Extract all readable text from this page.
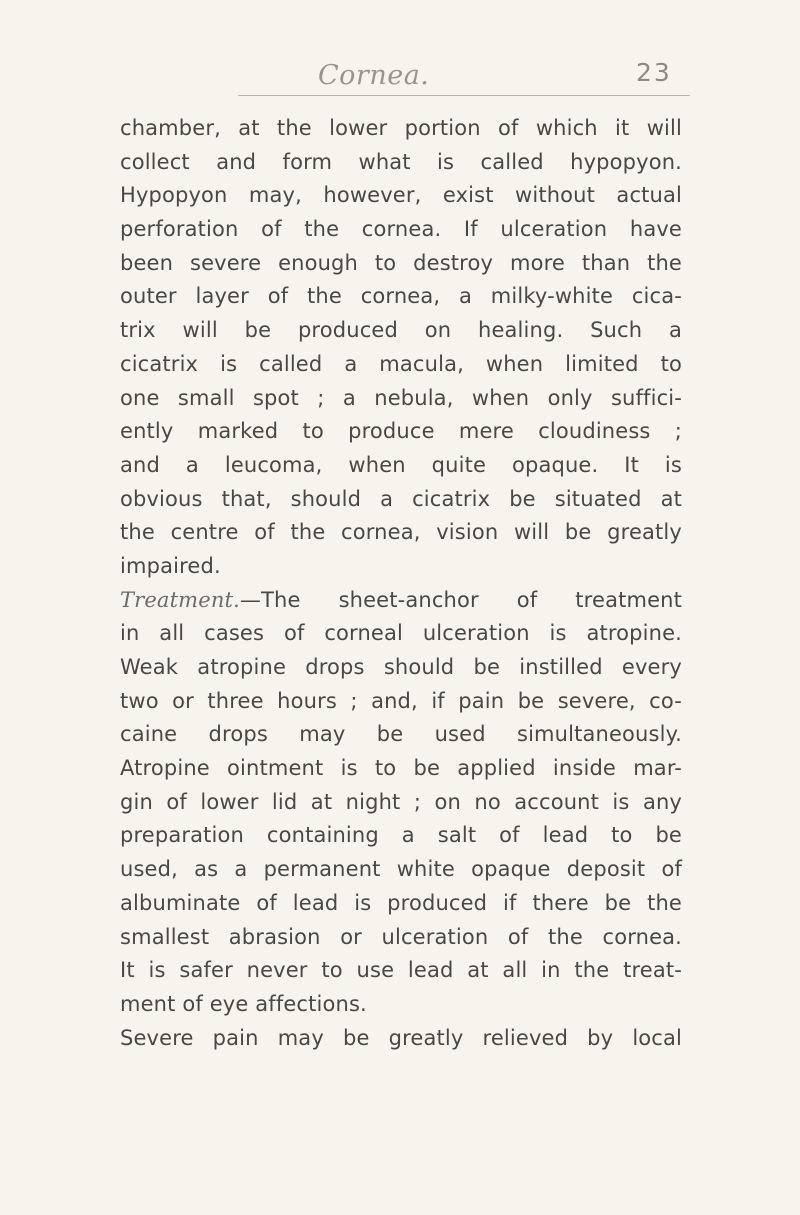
Cornea.	23
chamber, at the lower portion of which it will
collect and form what is called hypopyon.
Hypopyon may, however, exist without actual
perforation of the cornea. If ulceration have
been severe enough to destroy more than the
outer layer of the cornea, a milky-white cica-
trix will be produced on healing. Such a
cicatrix is called a macula, when limited to
one small spot ; a nebula, when only suffici-
ently marked to produce mere cloudiness ;
and a leucoma, when quite opaque. It is
obvious that, should a cicatrix be situated at
the centre of the cornea, vision will be greatly
impaired.
Treatment.—The sheet-anchor of treatment
in all cases of corneal ulceration is atropine.
Weak atropine drops should be instilled every
two or three hours ; and, if pain be severe, co-
caine drops may be used simultaneously.
Atropine ointment is to be applied inside mar-
gin of lower lid at night ; on no account is any
preparation containing a salt of lead to be
used, as a permanent white opaque deposit of
albuminate of lead is produced if there be the
smallest abrasion or ulceration of the cornea.
It is safer never to use lead at all in the treat-
ment of eye affections.
Severe pain may be greatly relieved by local
